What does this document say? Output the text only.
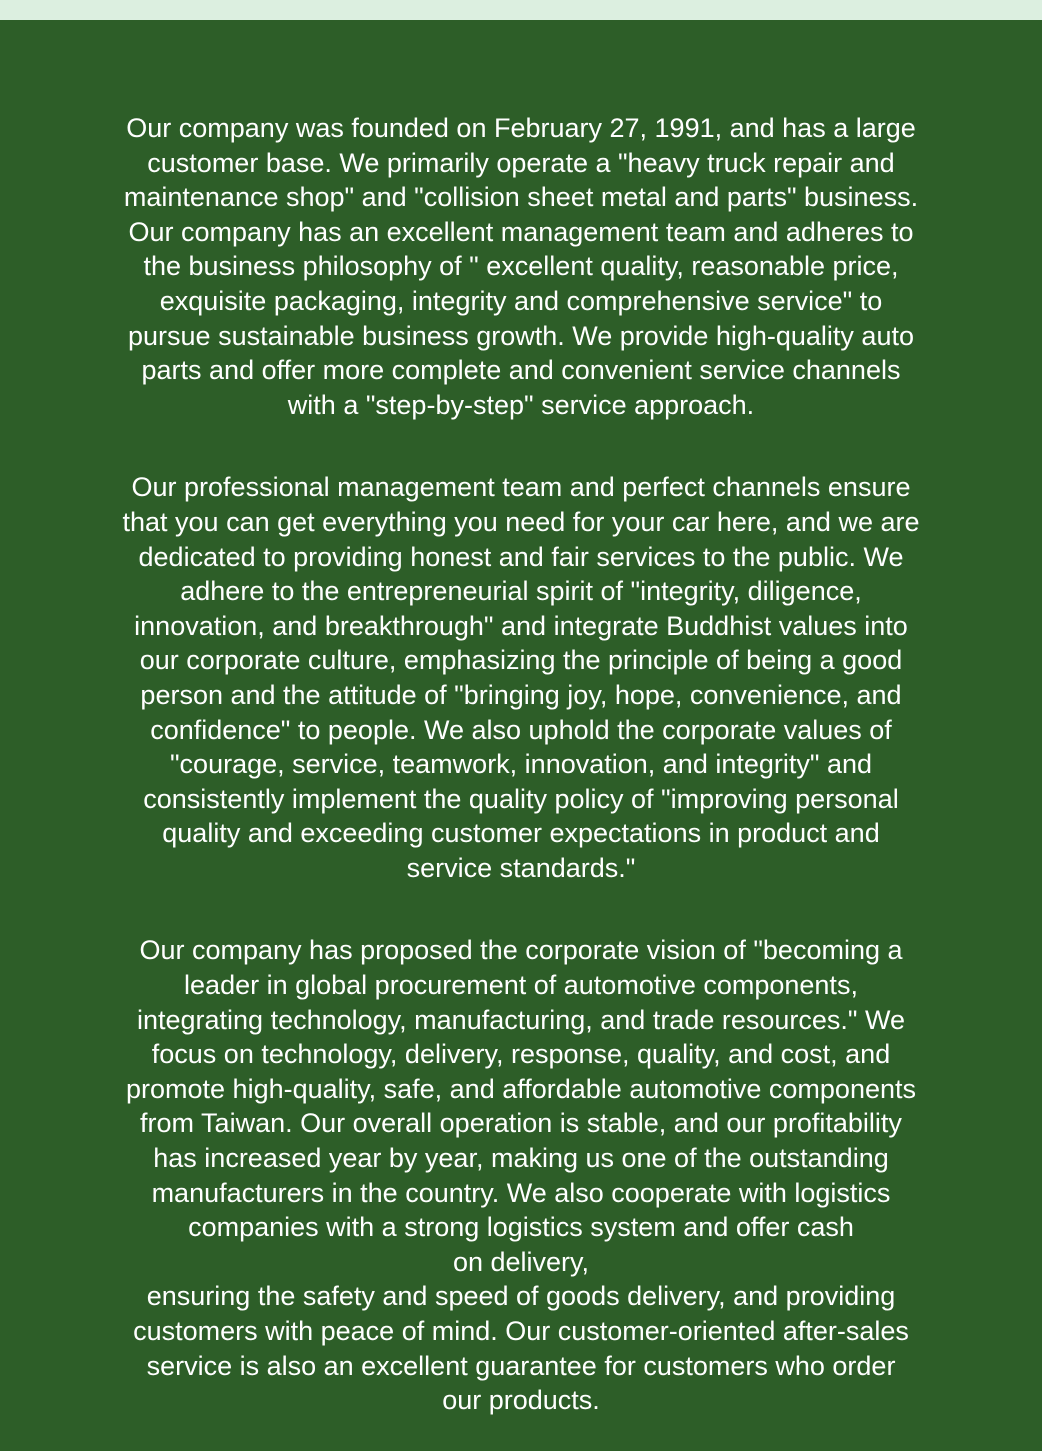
Our company was founded on February 27, 1991, and has a large
customer base. We primarily operate a "heavy truck repair and
maintenance shop" and "collision sheet metal and parts" business.
Our company has an excellent management team and adheres to
the business philosophy of " excellent quality, reasonable price,
exquisite packaging, integrity and comprehensive service" to
pursue sustainable business growth. We provide high-quality auto
parts and offer more complete and convenient service channels
with a "step-by-step" service approach.

Our professional management team and perfect channels ensure
that you can get everything you need for your car here, and we are
dedicated to providing honest and fair services to the public. We
adhere to the entrepreneurial spirit of "integrity, diligence,
innovation, and breakthrough" and integrate Buddhist values into
our corporate culture, emphasizing the principle of being a good
person and the attitude of "bringing joy, hope, convenience, and
confidence" to people. We also uphold the corporate values of
"courage, service, teamwork, innovation, and integrity" and
consistently implement the quality policy of "improving personal
quality and exceeding customer expectations in product and
service standards."

Our company has proposed the corporate vision of "becoming a
leader in global procurement of automotive components,
integrating technology, manufacturing, and trade resources." We
focus on technology, delivery, response, quality, and cost, and
promote high-quality, safe, and affordable automotive components
from Taiwan. Our overall operation is stable, and our profitability
has increased year by year, making us one of the outstanding
manufacturers in the country. We also cooperate with logistics
companies with a strong logistics system and offer cash
on delivery,
ensuring the safety and speed of goods delivery, and providing
customers with peace of mind. Our customer-oriented after-sales
service is also an excellent guarantee for customers who order
our products.
